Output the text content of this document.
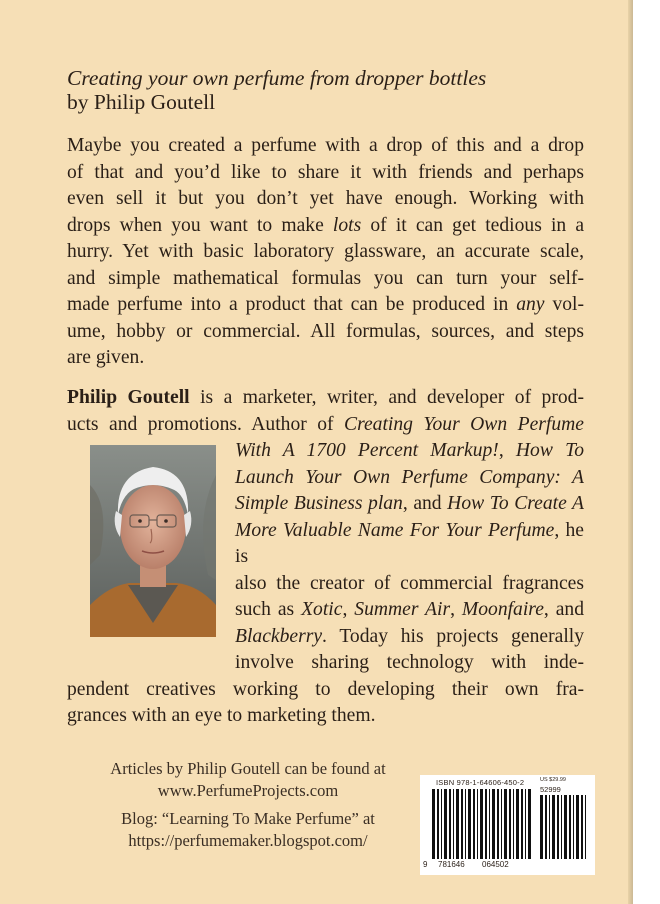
Creating your own perfume from dropper bottles
by Philip Goutell
Maybe you created a perfume with a drop of this and a drop
of that and you’d like to share it with friends and perhaps
even sell it but you don’t yet have enough. Working with
drops when you want to make lots of it can get tedious in a
hurry. Yet with basic laboratory glassware, an accurate scale,
and simple mathematical formulas you can turn your self-
made perfume into a product that can be produced in any vol-
ume, hobby or commercial. All formulas, sources, and steps
are given.
Philip Goutell is a marketer, writer, and developer of prod-
ucts and promotions. Author of Creating Your Own Perfume
With A 1700 Percent Markup!, How To
Launch Your Own Perfume Company: A
Simple Business plan, and How To Create A
More Valuable Name For Your Perfume, he is
also the creator of commercial fragrances
such as Xotic, Summer Air, Moonfaire, and
Blackberry. Today his projects generally
involve sharing technology with inde-
pendent creatives working to developing their own fra-
grances with an eye to marketing them.

Articles by Philip Goutell can be found at

www.PerfumeProjects.com

Blog: “Learning To Make Perfume” at

https://perfumemaker.blogspot.com/

ISBN 978-1-64606-450-2	US $29.99
52999
9 781646 064502
